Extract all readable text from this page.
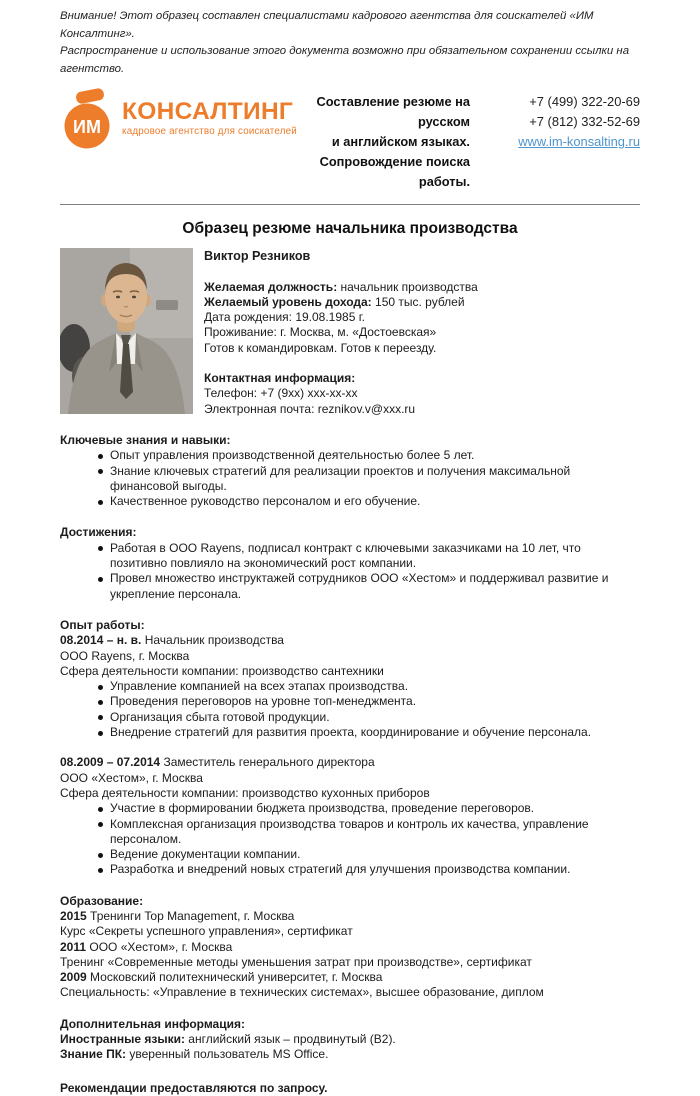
Внимание! Этот образец составлен специалистами кадрового агентства для соискателей «ИМ Консалтинг».
Распространение и использование этого документа возможно при обязательном сохранении ссылки на агентство.
ИМ
КОНСАЛТИНГ
кадровое агентство для соискателей
Составление резюме на русском
и английском языках.
Сопровождение поиска работы.
+7 (499) 322-20-69
+7 (812) 332-52-69
www.im-konsalting.ru
Образец резюме начальника производства
Виктор Резников
Желаемая должность: начальник производства
Желаемый уровень дохода: 150 тыс. рублей
Дата рождения: 19.08.1985 г.
Проживание: г. Москва, м. «Достоевская»
Готов к командировкам. Готов к переезду.
Контактная информация:
Телефон: +7 (9хх) ххх-хх-хх
Электронная почта: reznikov.v@xxx.ru
Ключевые знания и навыки:
Опыт управления производственной деятельностью более 5 лет.
Знание ключевых стратегий для реализации проектов и получения максимальной финансовой выгоды.
Качественное руководство персоналом и его обучение.
Достижения:
Работая в ООО Rayens, подписал контракт с ключевыми заказчиками на 10 лет, что позитивно повлияло на экономический рост компании.
Провел множество инструктажей сотрудников ООО «Хестом» и поддерживал развитие и укрепление персонала.
Опыт работы:
08.2014 – н. в. Начальник производства
ООО Rayens, г. Москва
Сфера деятельности компании: производство сантехники
Управление компанией на всех этапах производства.
Проведения переговоров на уровне топ-менеджмента.
Организация сбыта готовой продукции.
Внедрение стратегий для развития проекта, координирование и обучение персонала.
08.2009 – 07.2014 Заместитель генерального директора
ООО «Хестом», г. Москва
Сфера деятельности компании: производство кухонных приборов
Участие в формировании бюджета производства, проведение переговоров.
Комплексная организация производства товаров и контроль их качества, управление персоналом.
Ведение документации компании.
Разработка и внедрений новых стратегий для улучшения производства компании.
Образование:
2015 Тренинги Top Management, г. Москва
Курс «Секреты успешного управления», сертификат
2011 ООО «Хестом», г. Москва
Тренинг «Современные методы уменьшения затрат при производстве», сертификат
2009 Московский политехнический университет, г. Москва
Специальность: «Управление в технических системах», высшее образование, диплом
Дополнительная информация:
Иностранные языки: английский язык – продвинутый (B2).
Знание ПК: уверенный пользователь MS Office.
Рекомендации предоставляются по запросу.
